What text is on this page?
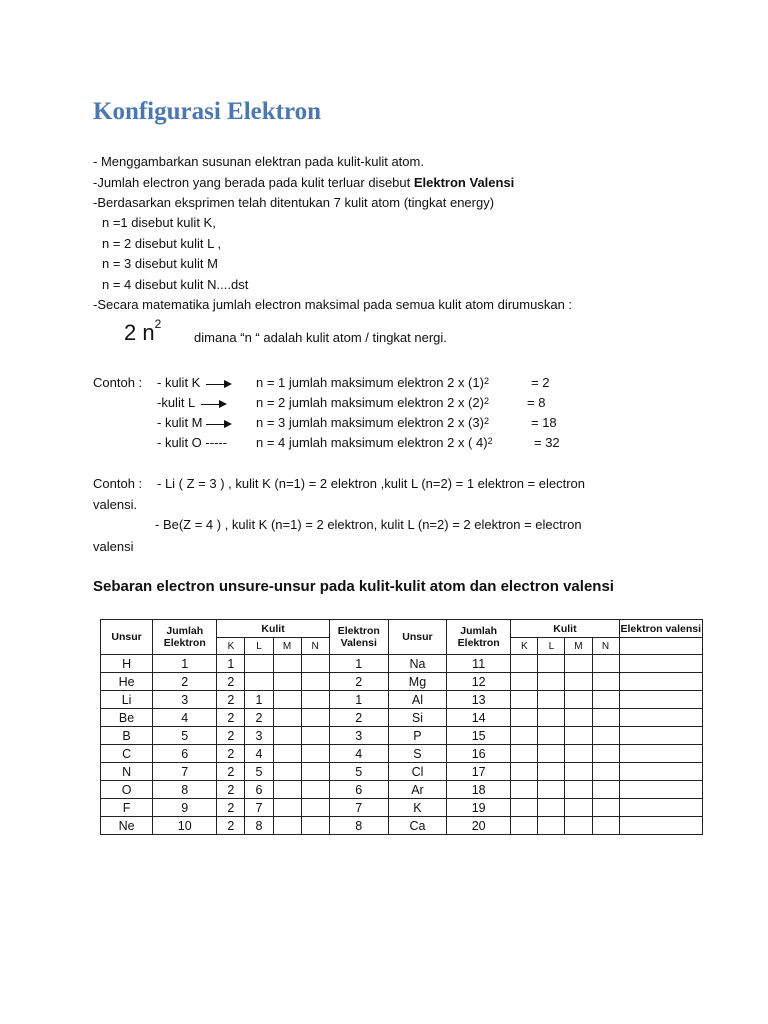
Konfigurasi Elektron
- Menggambarkan susunan elektran pada kulit-kulit atom.
-Jumlah electron yang berada pada kulit terluar disebut Elektron Valensi
-Berdasarkan eksprimen telah ditentukan 7 kulit atom (tingkat energy)
n =1 disebut kulit K,
n = 2 disebut kulit L ,
n = 3 disebut kulit M
n = 4 disebut kulit N....dst
-Secara matematika jumlah electron maksimal pada semua kulit atom dirumuskan :
2 $n^2$
dimana “n “ adalah kulit atom / tingkat nergi.
Contoh : - kulit K	n = 1 jumlah maksimum elektron 2 x $(1)^2$	= 2
-kulit L	n = 2 jumlah maksimum elektron 2 x $(2)^2$	= 8
- kulit M	n = 3 jumlah maksimum elektron 2 x $(3)^2$	= 18
- kulit O ----- n = 4 jumlah maksimum elektron 2 x ( 4)$^2$	= 32
Contoh : - Li ( Z = 3 ) , kulit K (n=1) = 2 elektron ,kulit L (n=2) = 1 elektron = electron
valensi.
- Be(Z = 4 ) , kulit K (n=1) = 2 elektron, kulit L (n=2) = 2 elektron = electron
valensi
Sebaran electron unsure-unsur pada kulit-kulit atom dan electron valensi
Unsur	Jumlah Elektron	Kulit				Elektron Valensi	Unsur	Jumlah Elektron	Kulit				Elektron valensi
		K	L	M	N				K	L	M	N	
H	1	1				1	Na	11					
He	2	2				2	Mg	12					
Li	3	2	1			1	Al	13					
Be	4	2	2			2	Si	14					
B	5	2	3			3	P	15					
C	6	2	4			4	S	16					
N	7	2	5			5	Cl	17					
O	8	2	6			6	Ar	18					
F	9	2	7			7	K	19					
Ne	10	2	8			8	Ca	20					
